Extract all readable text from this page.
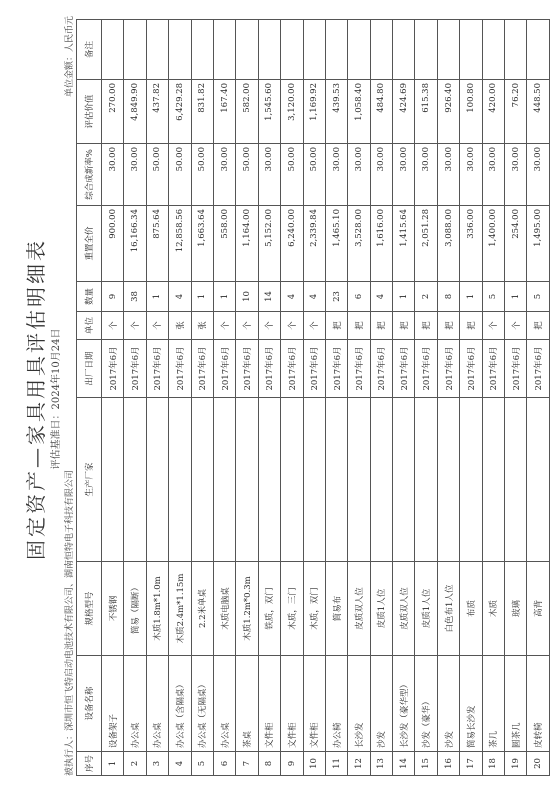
固定资产—家具用具评估明细表 评估基准日：2024年10月24日
被执行人：深圳市恒飞特启动电池技术有限公司、湖南恒特电子科技有限公司
单位金额：人民币元
序号	设备名称	规格型号	生产厂家	出厂日期	单位	数量	重置全价	综合成新率%	评估价值	备注
1	设备架子	不锈钢		2017年6月	个	9	900.00	30.00	270.00	
2	办公桌	简易（隔断）		2017年6月	个	38	16,166.34	30.00	4,849.90	
3	办公桌	木质1.8m*1.0m		2017年6月	个	1	875.64	50.00	437.82	
4	办公桌（含隔桌）	木质2.4m*1.15m		2017年6月	张	4	12,858.56	50.00	6,429.28	
5	办公桌（无隔桌）	2.2米单桌		2017年6月	张	1	1,663.64	50.00	831.82	
6	办公桌	木质电脑桌		2017年6月	个	1	558.00	30.00	167.40	
7	茶桌	木质1.2m*0.3m		2017年6月	个	10	1,164.00	50.00	582.00	
8	文件柜	铁质，双门		2017年6月	个	14	5,152.00	30.00	1,545.60	
9	文件柜	木质，三门		2017年6月	个	4	6,240.00	50.00	3,120.00	
10	文件柜	木质，双门		2017年6月	个	4	2,339.84	50.00	1,169.92	
11	办公椅	简易布		2017年6月	把	23	1,465.10	30.00	439.53	
12	长沙发	皮质双人位		2017年6月	把	6	3,528.00	30.00	1,058.40	
13	沙发	皮质1人位		2017年6月	把	4	1,616.00	30.00	484.80	
14	长沙发（豪华型）	皮质双人位		2017年6月	把	1	1,415.64	30.00	424.69	
15	沙发（豪华）	皮质1人位		2017年6月	把	2	2,051.28	30.00	615.38	
16	沙发	白色布1人位		2017年6月	把	8	3,088.00	30.00	926.40	
17	简易长沙发	布质		2017年6月	把	1	336.00	30.00	100.80	
18	茶几	木质		2017年6月	个	5	1,400.00	30.00	420.00	
19	圆茶几	玻璃		2017年6月	个	1	254.00	30.00	76.20	
20	皮转椅	高背		2017年6月	把	5	1,495.00	30.00	448.50	
